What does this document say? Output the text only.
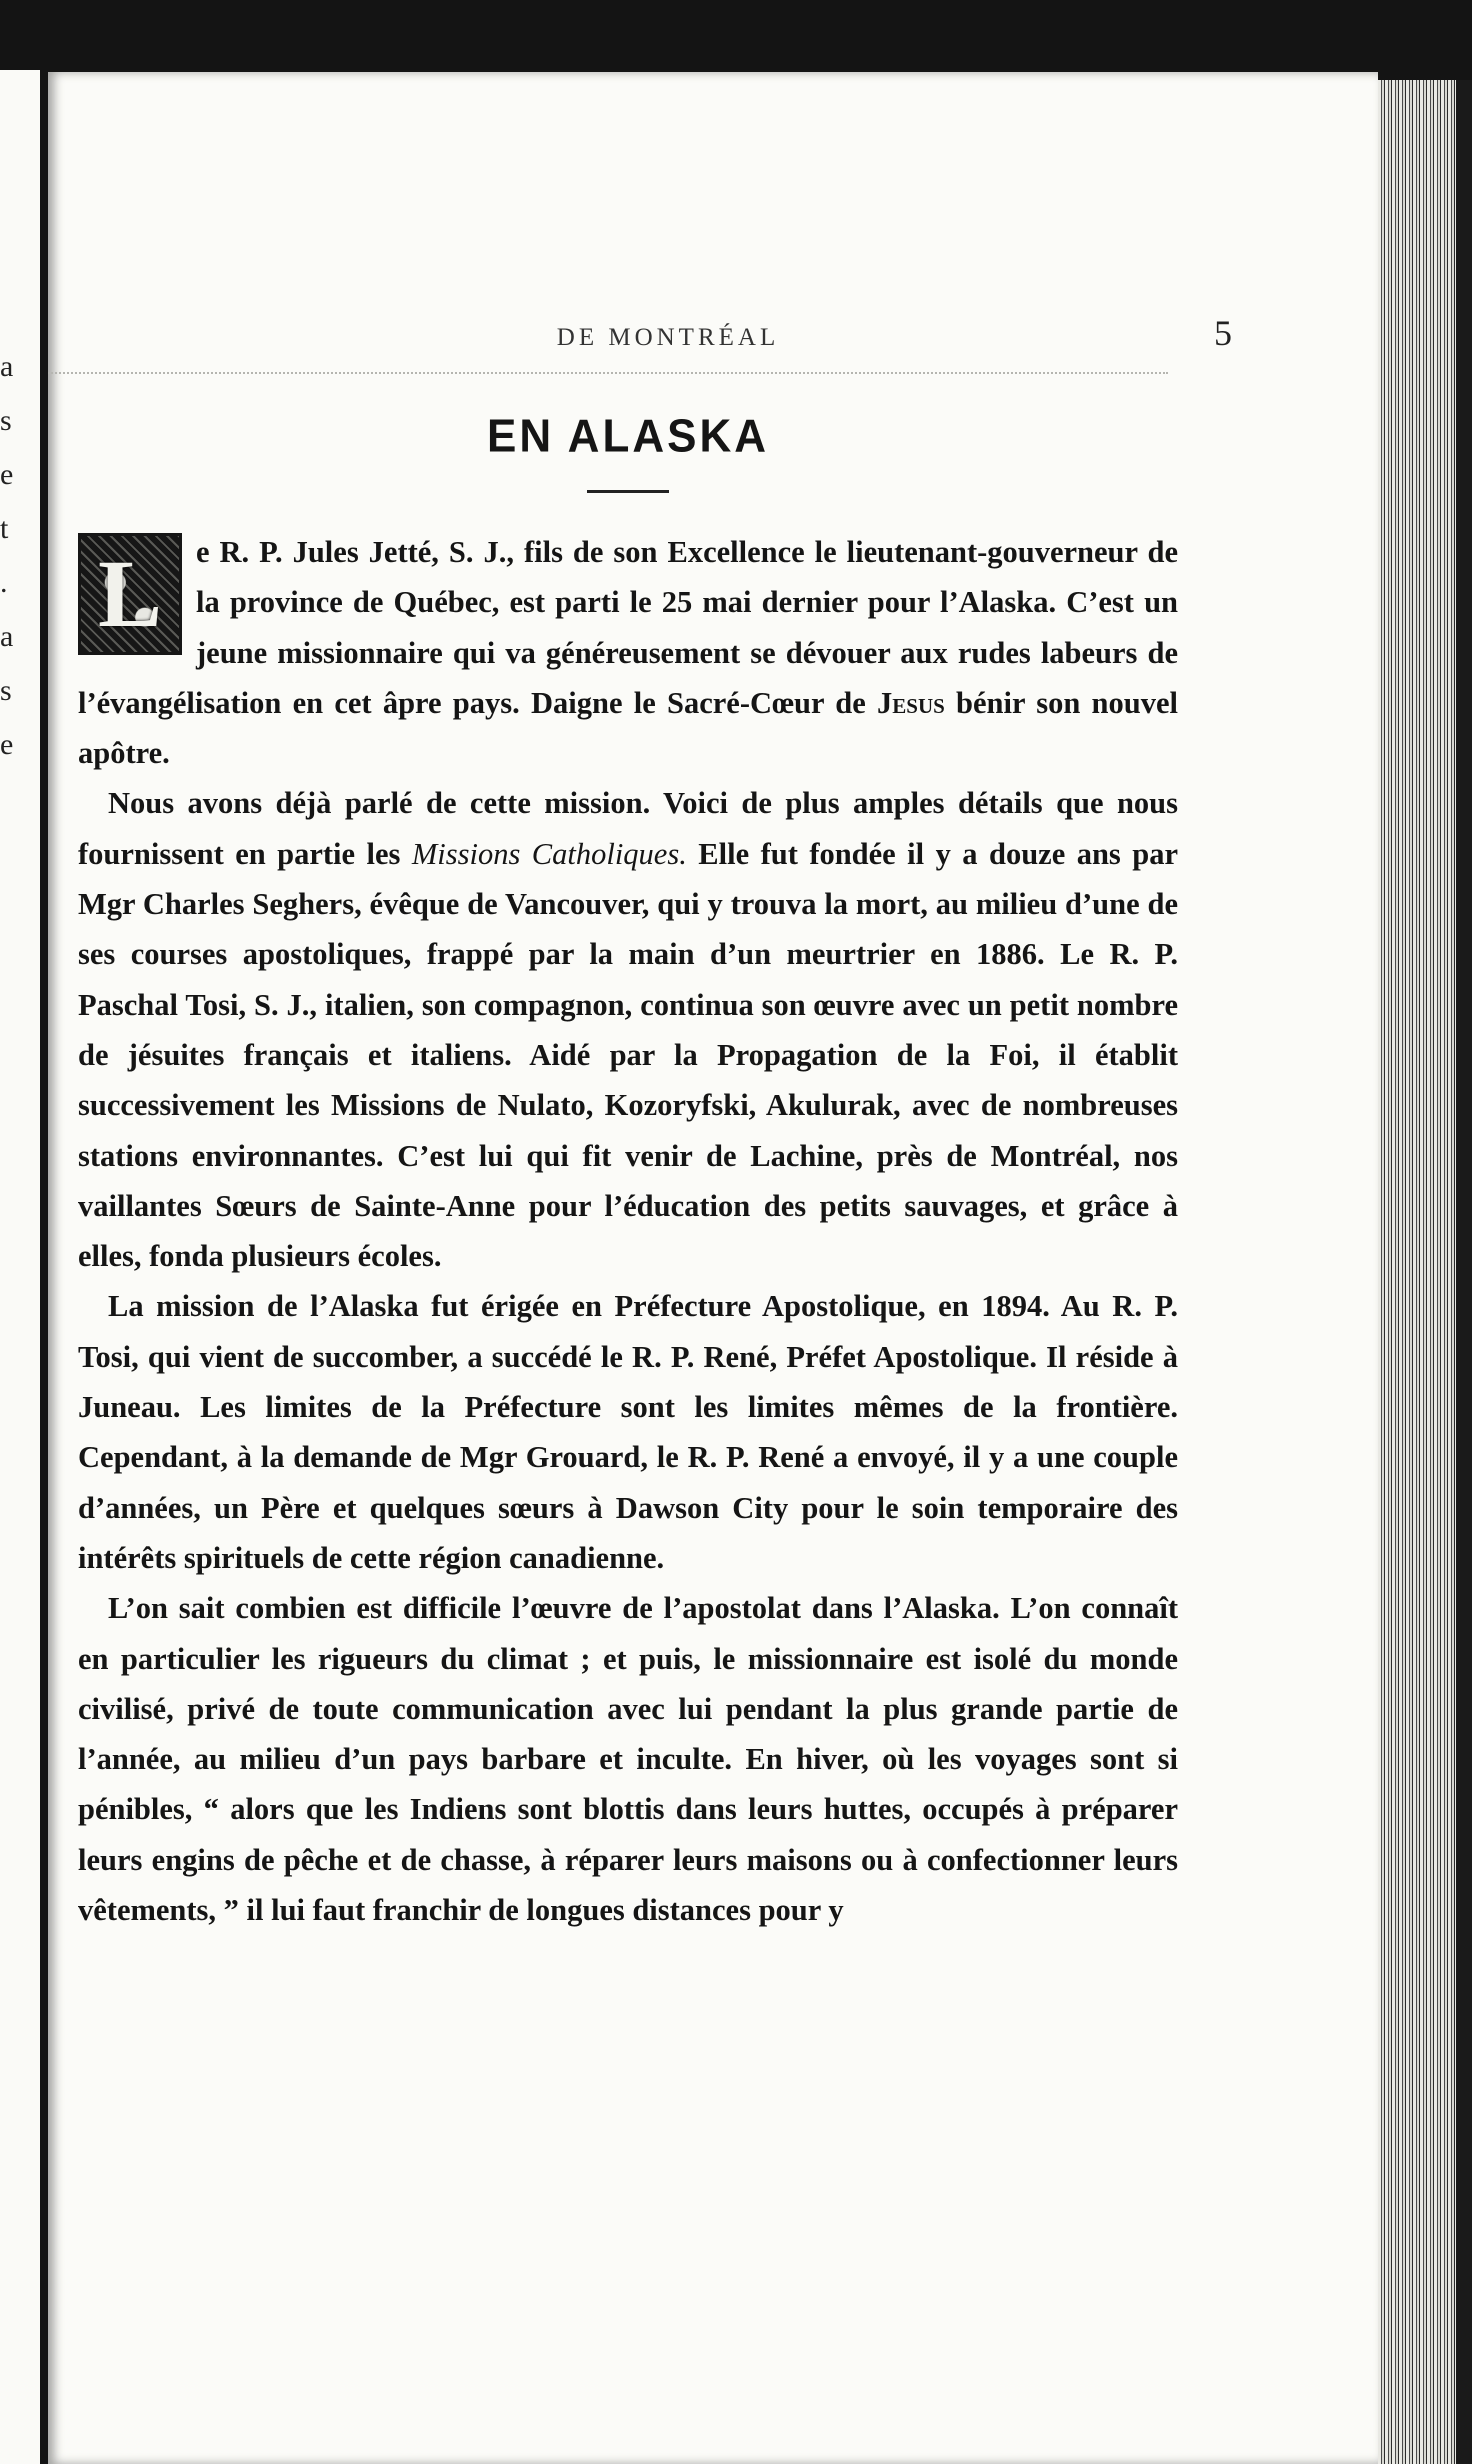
a
s
e
t
.
a
s
e
DE MONTRÉAL	5
EN ALASKA

L	e R. P. Jules Jetté, S. J., fils de son Excellence le lieutenant-gouverneur de la province de Québec, est parti le 25 mai dernier pour l’Alaska. C’est un jeune missionnaire qui va généreusement se dévouer aux rudes labeurs de l’évangélisation en cet âpre pays. Daigne le Sacré-Cœur de Jesus bénir son nouvel apôtre.

Nous avons déjà parlé de cette mission. Voici de plus amples détails que nous fournissent en partie les Missions Catholiques. Elle fut fondée il y a douze ans par Mgr Charles Seghers, évêque de Vancouver, qui y trouva la mort, au milieu d’une de ses courses apostoliques, frappé par la main d’un meurtrier en 1886. Le R. P. Paschal Tosi, S. J., italien, son compagnon, continua son œuvre avec un petit nombre de jésuites français et italiens. Aidé par la Propagation de la Foi, il établit successivement les Missions de Nulato, Kozoryfski, Akulurak, avec de nombreuses stations environnantes. C’est lui qui fit venir de Lachine, près de Montréal, nos vaillantes Sœurs de Sainte-Anne pour l’éducation des petits sauvages, et grâce à elles, fonda plusieurs écoles.

La mission de l’Alaska fut érigée en Préfecture Apostolique, en 1894. Au R. P. Tosi, qui vient de succomber, a succédé le R. P. René, Préfet Apostolique. Il réside à Juneau. Les limites de la Préfecture sont les limites mêmes de la frontière. Cependant, à la demande de Mgr Grouard, le R. P. René a envoyé, il y a une couple d’années, un Père et quelques sœurs à Dawson City pour le soin temporaire des intérêts spirituels de cette région canadienne.

L’on sait combien est difficile l’œuvre de l’apostolat dans l’Alaska. L’on connaît en particulier les rigueurs du climat ; et puis, le missionnaire est isolé du monde civilisé, privé de toute communication avec lui pendant la plus grande partie de l’année, au milieu d’un pays barbare et inculte. En hiver, où les voyages sont si pénibles, “ alors que les Indiens sont blottis dans leurs huttes, occupés à préparer leurs engins de pêche et de chasse, à réparer leurs maisons ou à confectionner leurs vêtements, ” il lui faut franchir de longues distances pour y
